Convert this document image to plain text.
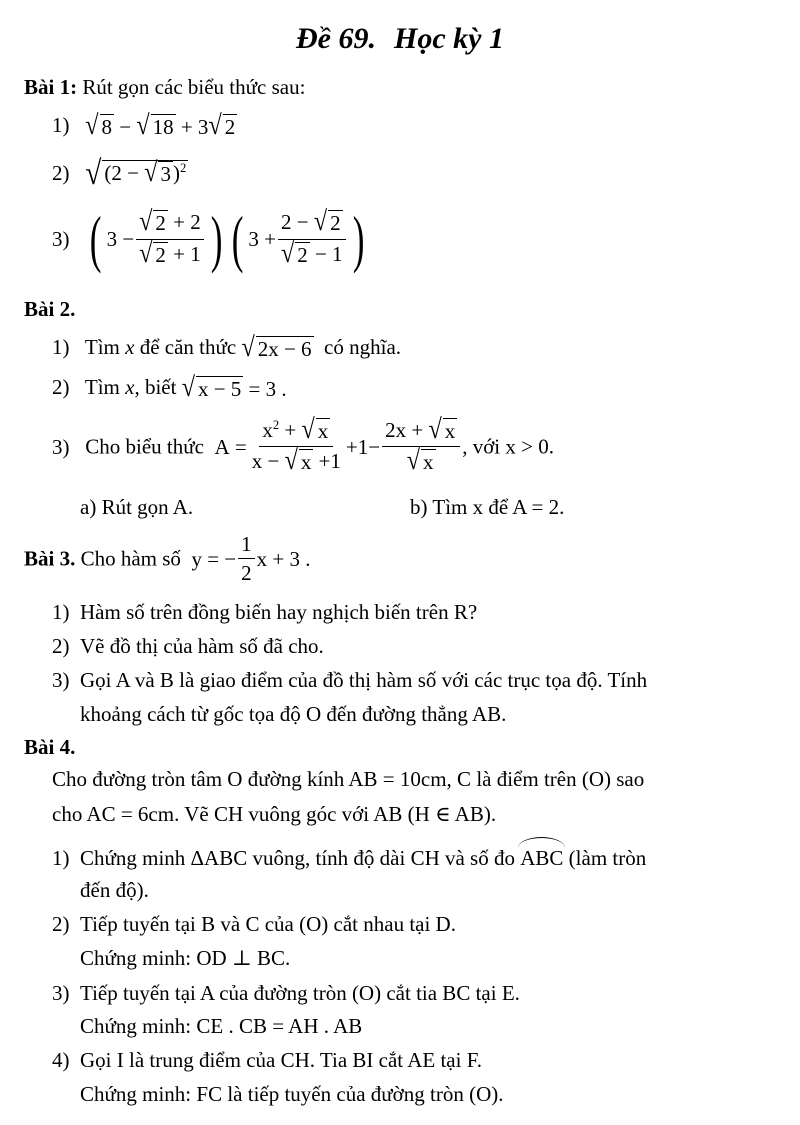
Đề 69. Học kỳ 1
Bài 1: Rút gọn các biểu thức sau:
1) √ 8 − √ 18 + 3 √ 2
2) √ (2 − √ 3 )$^2$
3) ( $3 - \frac{√ 2 + 2}{√ 2 + 1}$ ) ( $3 + \frac{2 - √ 2}{√ 2 - 1}$ )
Bài 2.
1) Tìm x để căn thức √ 2x − 6 có nghĩa.
2) Tìm x, biết √ x − 5 = 3 .
3) Cho biểu thức  $A = \frac{x^2 + √ x}{x - √ x +1} +1- \frac{2x + √ x}{√ x}$ , với x > 0.
a) Rút gọn A.	b) Tìm x để A = 2.
Bài 3. Cho hàm số  y = − $\frac{1}{2}$ x + 3 .
1) Hàm số trên đồng biến hay nghịch biến trên R?
2) Vẽ đồ thị của hàm số đã cho.
3) Gọi A và B là giao điểm của đồ thị hàm số với các trục tọa độ. Tính
khoảng cách từ gốc tọa độ O đến đường thẳng AB.
Bài 4.
Cho đường tròn tâm O đường kính AB = 10cm, C là điểm trên (O) sao
cho AC = 6cm. Vẽ CH vuông góc với AB (H ∈ AB).
1) Chứng minh ΔABC vuông, tính độ dài CH và số đo ABC (làm tròn
đến độ).
2) Tiếp tuyến tại B và C của (O) cắt nhau tại D.
Chứng minh: OD ⊥ BC.
3) Tiếp tuyến tại A của đường tròn (O) cắt tia BC tại E.
Chứng minh: CE . CB = AH . AB
4) Gọi I là trung điểm của CH. Tia BI cắt AE tại F.
Chứng minh: FC là tiếp tuyến của đường tròn (O).
